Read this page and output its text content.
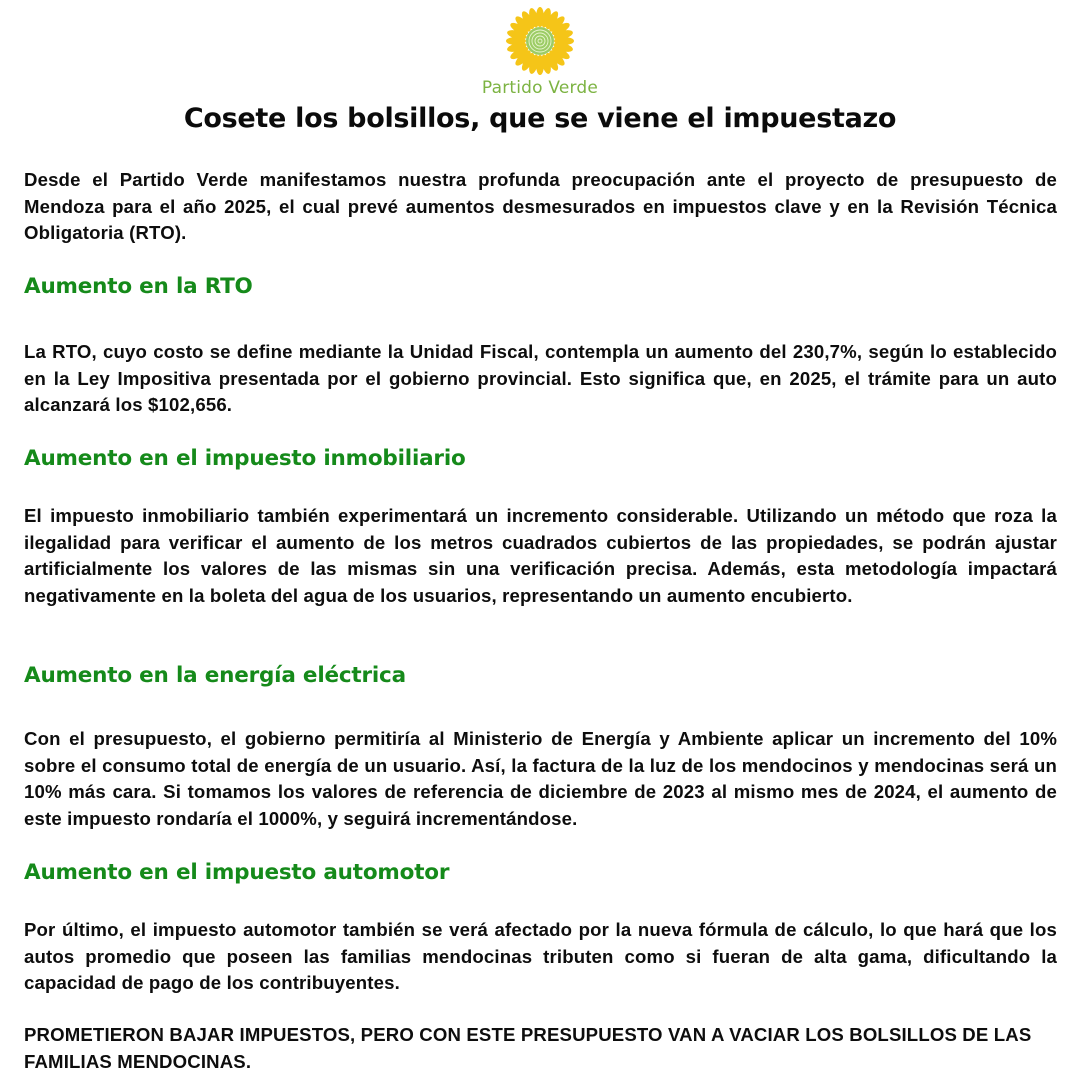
Partido Verde
Cosete los bolsillos, que se viene el impuestazo

Desde el Partido Verde manifestamos nuestra profunda preocupación ante el proyecto de presupuesto de Mendoza para el año 2025, el cual prevé aumentos desmesurados en impuestos clave y en la Revisión Técnica Obligatoria (RTO).

Aumento en la RTO

La RTO, cuyo costo se define mediante la Unidad Fiscal, contempla un aumento del 230,7%, según lo establecido en la Ley Impositiva presentada por el gobierno provincial. Esto significa que, en 2025, el trámite para un auto alcanzará los $102,656.

Aumento en el impuesto inmobiliario

El impuesto inmobiliario también experimentará un incremento considerable. Utilizando un método que roza la ilegalidad para verificar el aumento de los metros cuadrados cubiertos de las propiedades, se podrán ajustar artificialmente los valores de las mismas sin una verificación precisa. Además, esta metodología impactará negativamente en la boleta del agua de los usuarios, representando un aumento encubierto.

Aumento en la energía eléctrica

Con el presupuesto, el gobierno permitiría al Ministerio de Energía y Ambiente aplicar un incremento del 10% sobre el consumo total de energía de un usuario. Así, la factura de la luz de los mendocinos y mendocinas será un 10% más cara. Si tomamos los valores de referencia de diciembre de 2023 al mismo mes de 2024, el aumento de este impuesto rondaría el 1000%, y seguirá incrementándose.

Aumento en el impuesto automotor

Por último, el impuesto automotor también se verá afectado por la nueva fórmula de cálculo, lo que hará que los autos promedio que poseen las familias mendocinas tributen como si fueran de alta gama, dificultando la capacidad de pago de los contribuyentes.

PROMETIERON BAJAR IMPUESTOS, PERO CON ESTE PRESUPUESTO VAN A VACIAR LOS BOLSILLOS DE LAS FAMILIAS MENDOCINAS.
